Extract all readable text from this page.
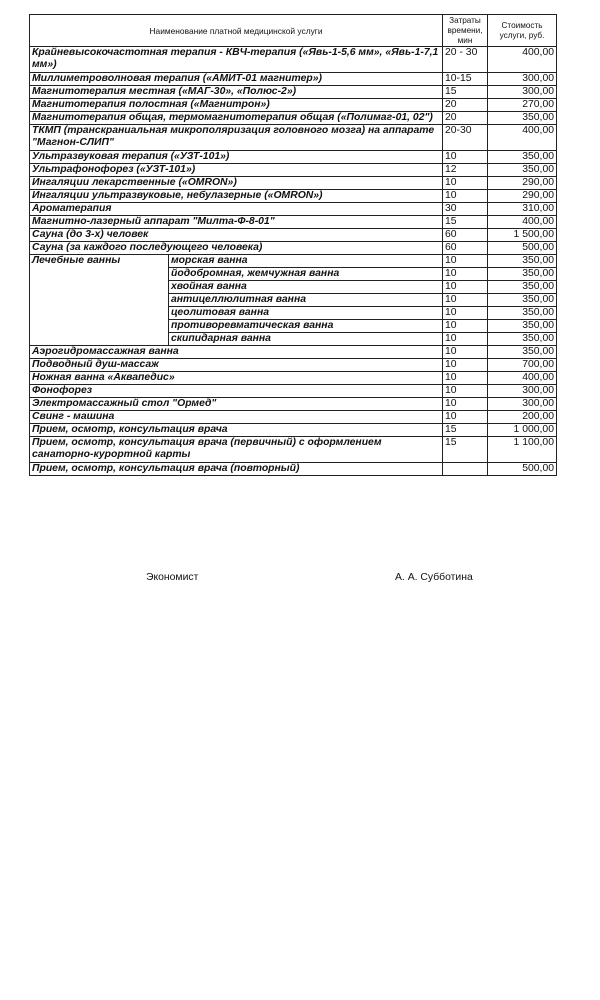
Наименование платной медицинской услуги		Затраты времени, мин	Стоимость услуги, руб.
Крайневысокочастотная терапия - КВЧ-терапия («Явь-1-5,6 мм», «Явь-1-7,1 мм»)		20 - 30	400,00
Миллиметроволновая терапия («АМИТ-01 магнитер»)		10-15	300,00
Магнитотерапия местная («МАГ-30», «Полюс-2»)		15	300,00
Магнитотерапия полостная («Магнитрон»)		20	270,00
Магнитотерапия общая, термомагнитотерапия общая («Полимаг-01, 02")		20	350,00
ТКМП (транскраниальная микрополяризация головного мозга) на аппарате "Магнон-СЛИП"		20-30	400,00
Ультразвуковая терапия («УЗТ-101»)		10	350,00
Ультрафонофорез («УЗТ-101»)		12	350,00
Ингаляции лекарственные («OMRON»)		10	290,00
Ингаляции ультразвуковые, небулазерные («OMRON»)		10	290,00
Ароматерапия		30	310,00
Магнитно-лазерный аппарат "Милта-Ф-8-01"		15	400,00
Сауна (до 3-х) человек		60	1 500,00
Сауна (за каждого последующего человека)		60	500,00
Лечебные ванны	морская ванна	10	350,00
	йодобромная, жемчужная ванна	10	350,00
	хвойная ванна	10	350,00
	антицеллюлитная ванна	10	350,00
	цеолитовая ванна	10	350,00
	противоревматическая ванна	10	350,00
	скипидарная ванна	10	350,00
Аэрогидромассажная ванна		10	350,00
Подводный душ-массаж		10	700,00
Ножная ванна «Аквапедис»		10	400,00
Фонофорез		10	300,00
Электромассажный стол "Ормед"		10	300,00
Свинг - машина		10	200,00
Прием, осмотр, консультация врача		15	1 000,00
Прием, осмотр, консультация врача (первичный) с оформлением санаторно-курортной карты		15	1 100,00
Прием, осмотр, консультация врача (повторный)			500,00
Экономист	А. А. Субботина
